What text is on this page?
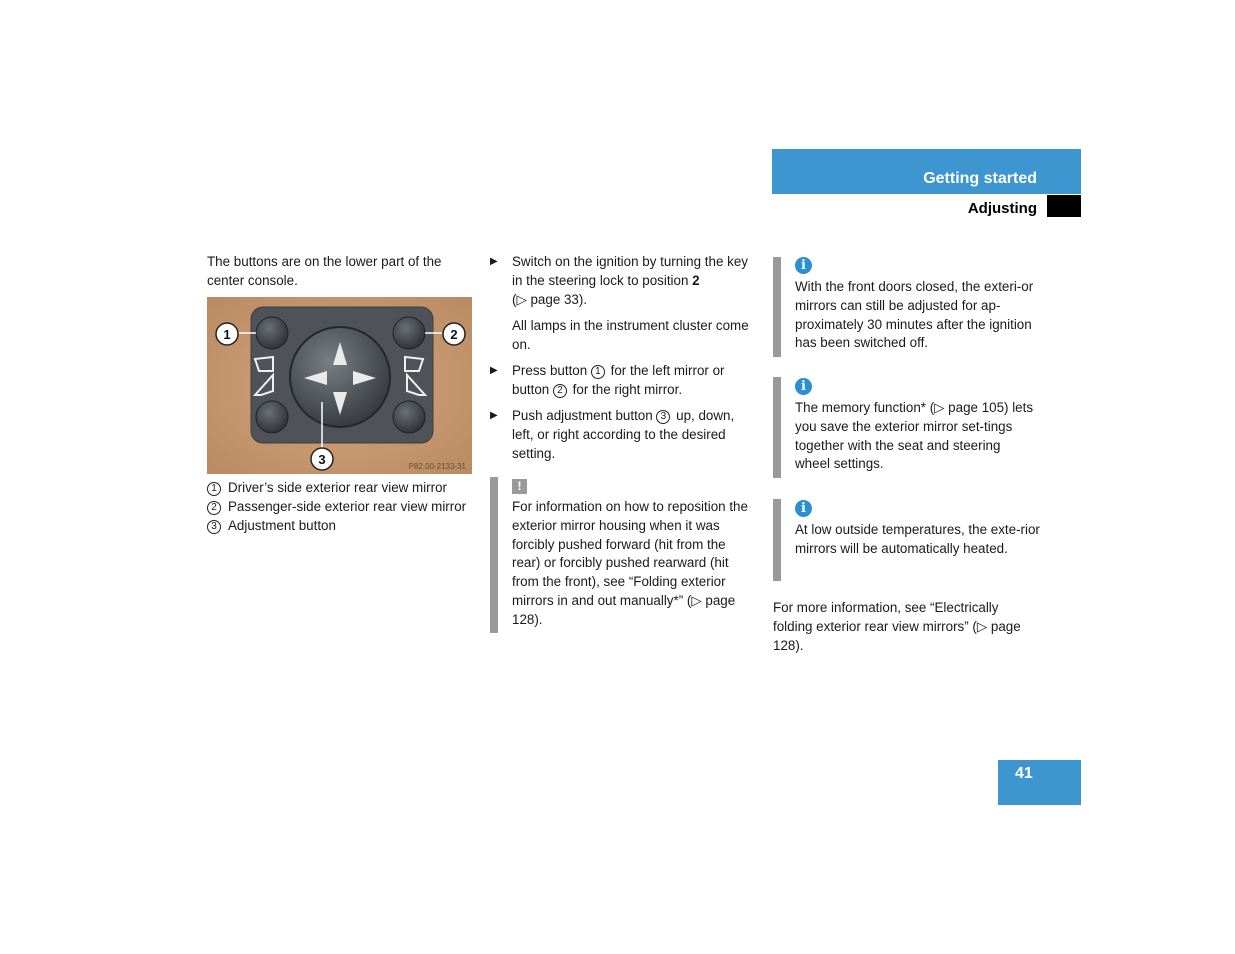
Getting started
Adjusting
The buttons are on the lower part of the center console.
1	2
3	P82.00-2133-31
1 Driver’s side exterior rear view mirror
2 Passenger-side exterior rear view mirror
3 Adjustment button
▶ Switch on the ignition by turning the key in the steering lock to position 2
(▷ page 33).
All lamps in the instrument cluster come on.
▶ Press button 1 for the left mirror or button 2 for the right mirror.
▶ Push adjustment button 3 up, down, left, or right according to the desired setting.
!
For information on how to reposition the exterior mirror housing when it was forcibly pushed forward (hit from the rear) or forcibly pushed rearward (hit from the front), see “Folding exterior mirrors in and out manually*” (▷ page 128).
i
With the front doors closed, the exteri-or mirrors can still be adjusted for ap-proximately 30 minutes after the ignition has been switched off.
i
The memory function* (▷ page 105) lets you save the exterior mirror set-tings together with the seat and steering wheel settings.
i
At low outside temperatures, the exte-rior mirrors will be automatically heated.
For more information, see “Electrically folding exterior rear view mirrors” (▷ page 128).
41
